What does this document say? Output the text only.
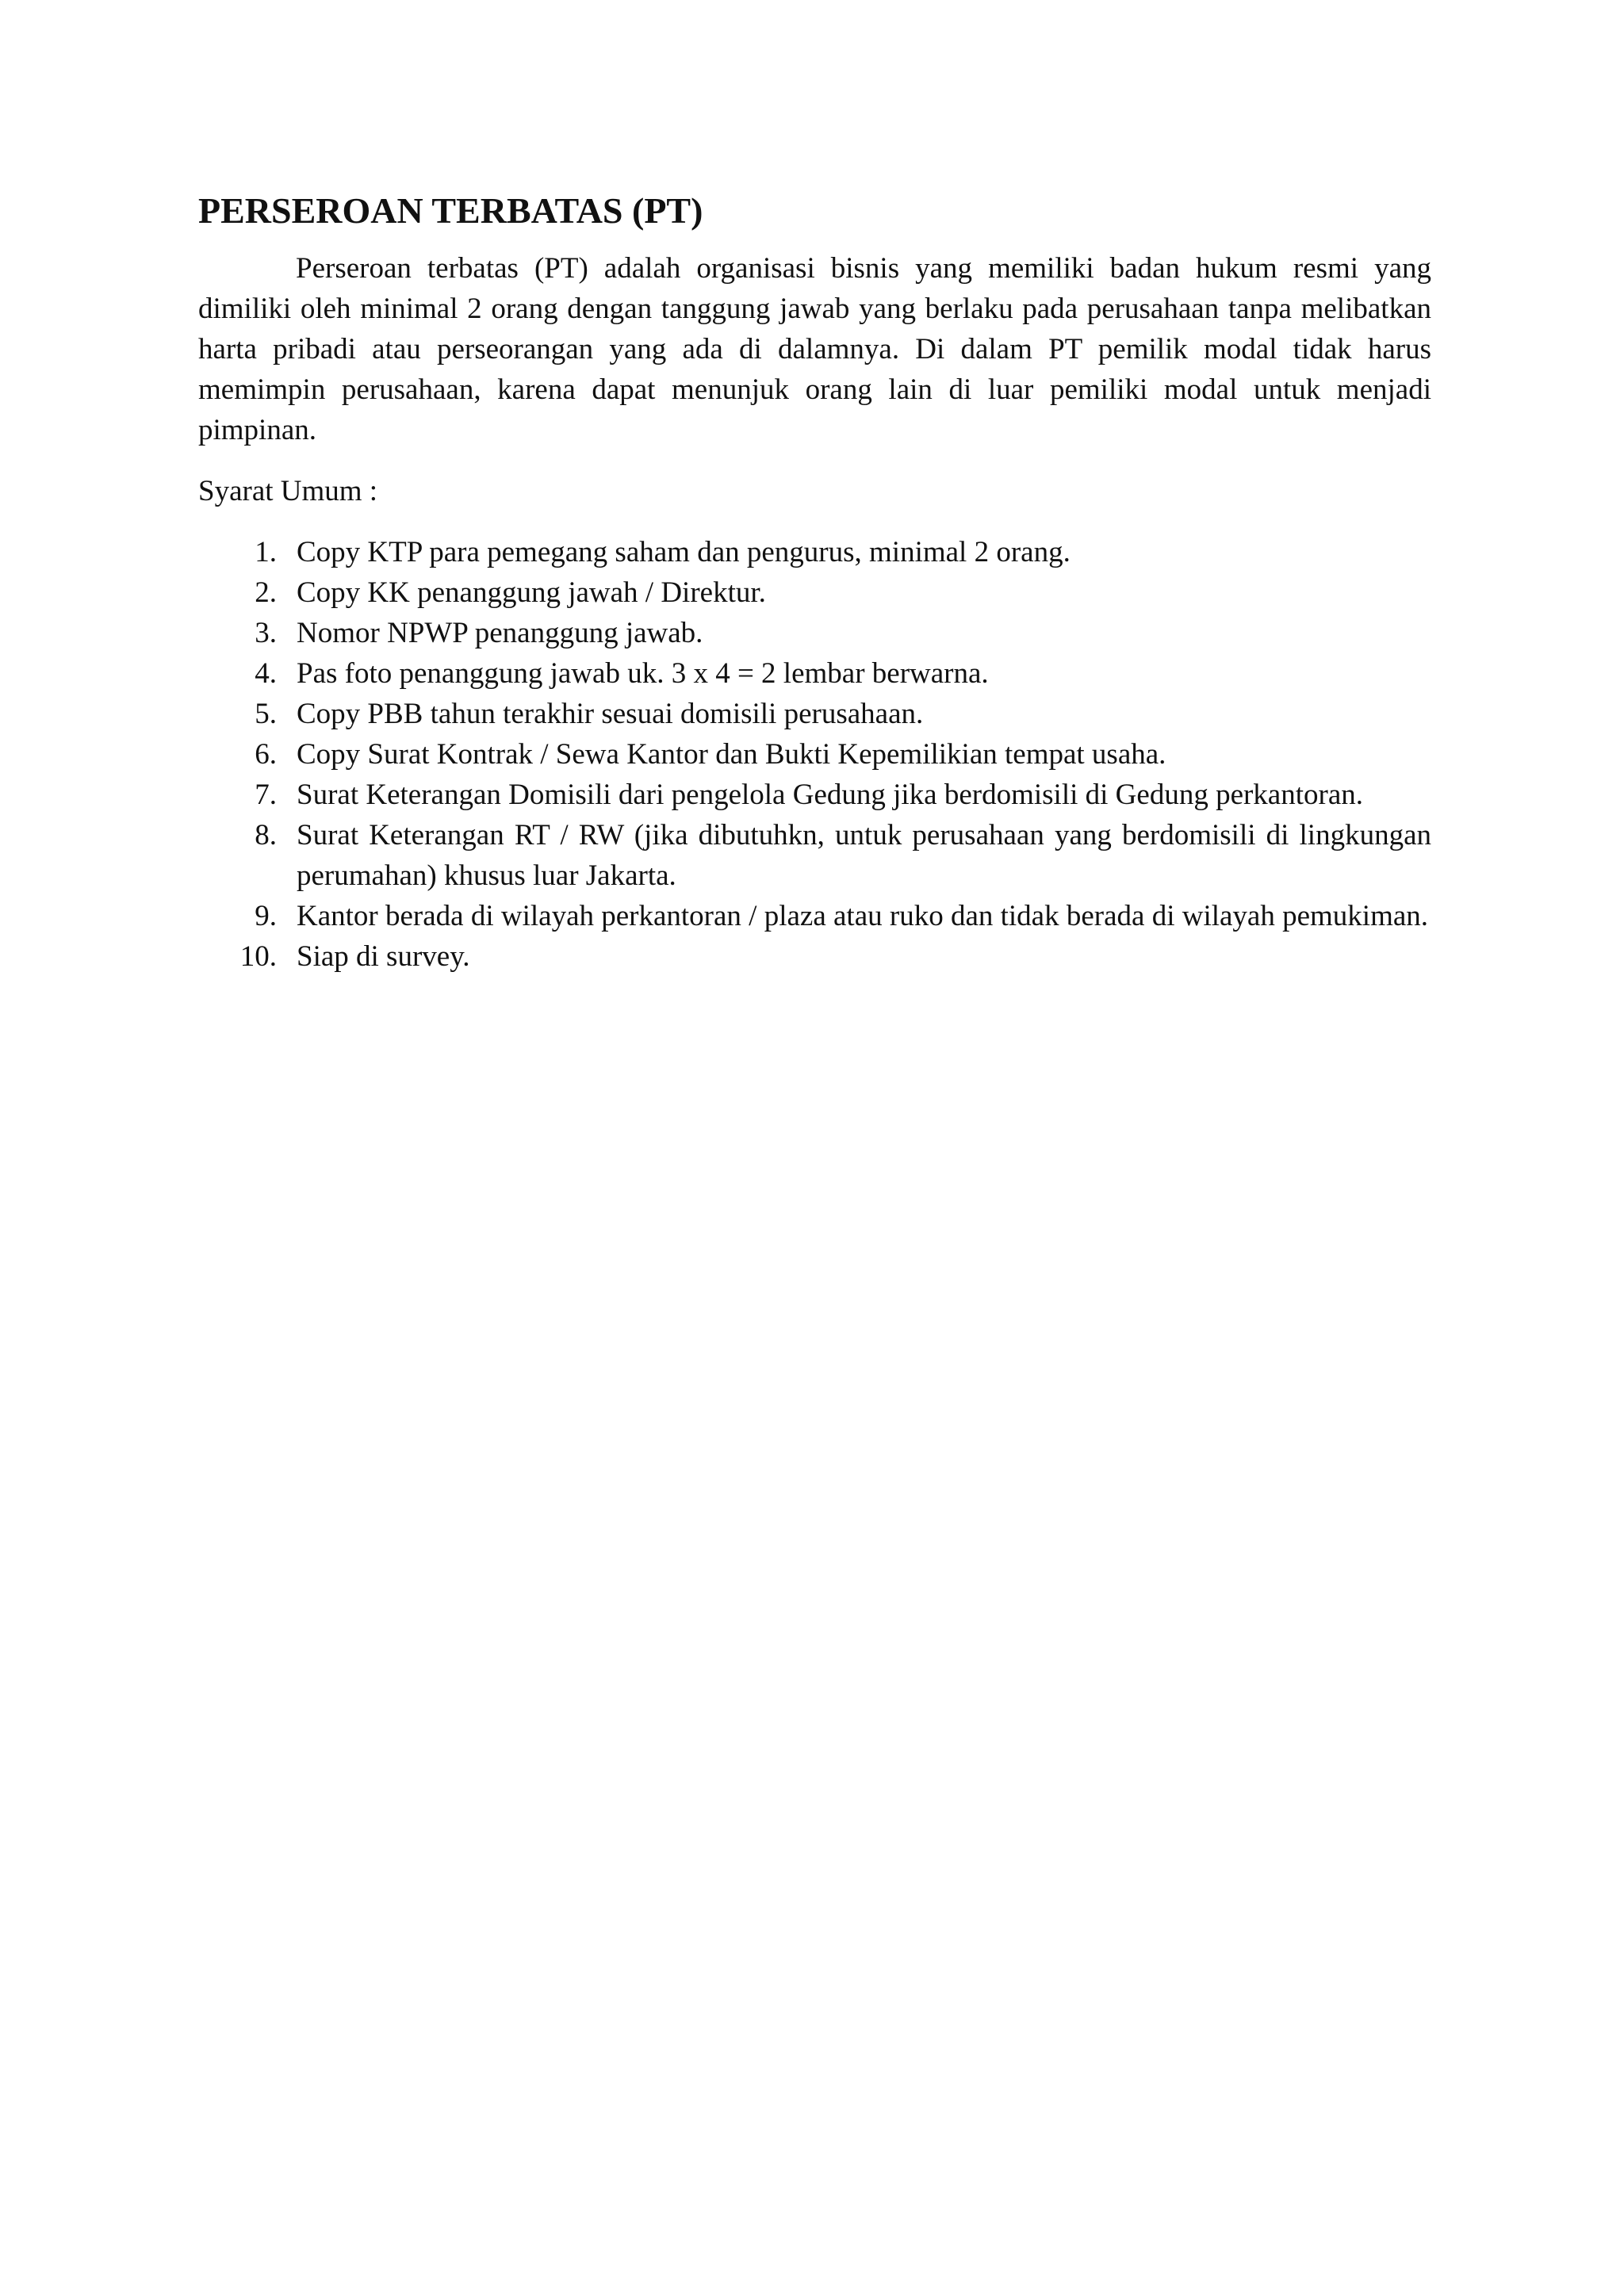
PERSEROAN TERBATAS (PT)

Perseroan terbatas (PT) adalah organisasi bisnis yang memiliki badan hukum resmi yang dimiliki oleh minimal 2 orang dengan tanggung jawab yang berlaku pada perusahaan tanpa melibatkan harta pribadi atau perseorangan yang ada di dalamnya. Di dalam PT pemilik modal tidak harus memimpin perusahaan, karena dapat menunjuk orang lain di luar pemiliki modal untuk menjadi pimpinan.

Syarat Umum :

1. Copy KTP para pemegang saham dan pengurus, minimal 2 orang.
2. Copy KK penanggung jawah / Direktur.
3. Nomor NPWP penanggung jawab.
4. Pas foto penanggung jawab uk. 3 x 4 = 2 lembar berwarna.
5. Copy PBB tahun terakhir sesuai domisili perusahaan.
6. Copy Surat Kontrak / Sewa Kantor dan Bukti Kepemilikian tempat usaha.
7. Surat Keterangan Domisili dari pengelola Gedung jika berdomisili di Gedung perkantoran.
8. Surat Keterangan RT / RW (jika dibutuhkn, untuk perusahaan yang berdomisili di lingkungan perumahan) khusus luar Jakarta.
9. Kantor berada di wilayah perkantoran / plaza atau ruko dan tidak berada di wilayah pemukiman.
10. Siap di survey.
